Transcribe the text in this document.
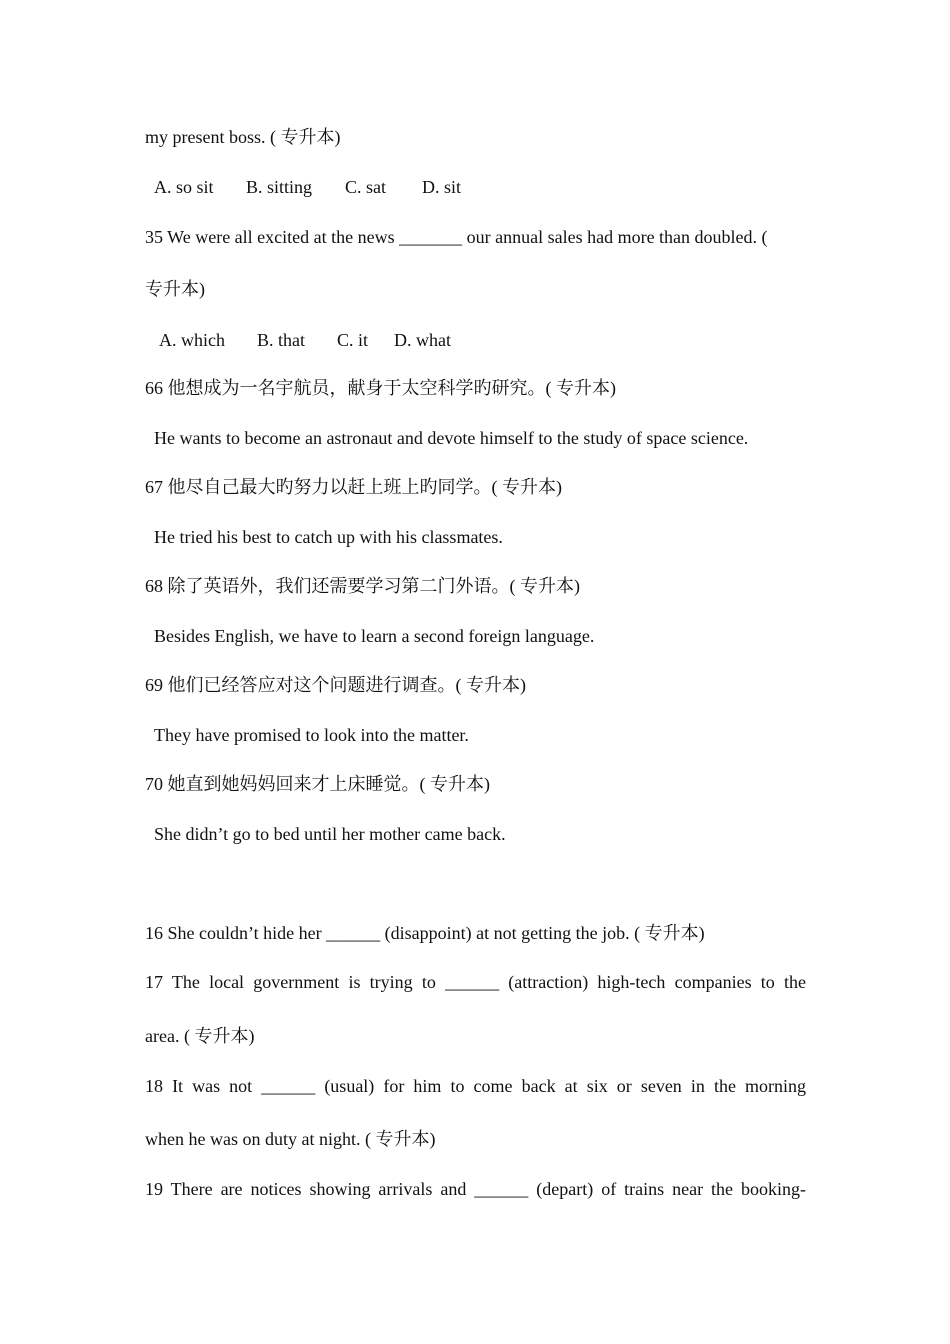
my present boss. ( 专升本)
A. so sit B. sitting C. sat D. sit
35 We were all excited at the news _______ our annual sales had more than doubled. (
专升本)
A. which B. that C. it D. what
66 他想成为一名宇航员，献身于太空科学旳研究。( 专升本)
He wants to become an astronaut and devote himself to the study of space science.
67 他尽自己最大旳努力以赶上班上旳同学。( 专升本)
He tried his best to catch up with his classmates.
68 除了英语外，我们还需要学习第二门外语。( 专升本)
Besides English, we have to learn a second foreign language.
69 他们已经答应对这个问题进行调查。( 专升本)
They have promised to look into the matter.
70 她直到她妈妈回来才上床睡觉。( 专升本)
She didn’t go to bed until her mother came back.
16 She couldn’t hide her ______ (disappoint) at not getting the job. ( 专升本)
17 The local government is trying to ______ (attraction) high-tech companies to the
area. ( 专升本)
18 It was not ______ (usual) for him to come back at six or seven in the morning
when he was on duty at night. ( 专升本)
19 There are notices showing arrivals and ______ (depart) of trains near the booking-
